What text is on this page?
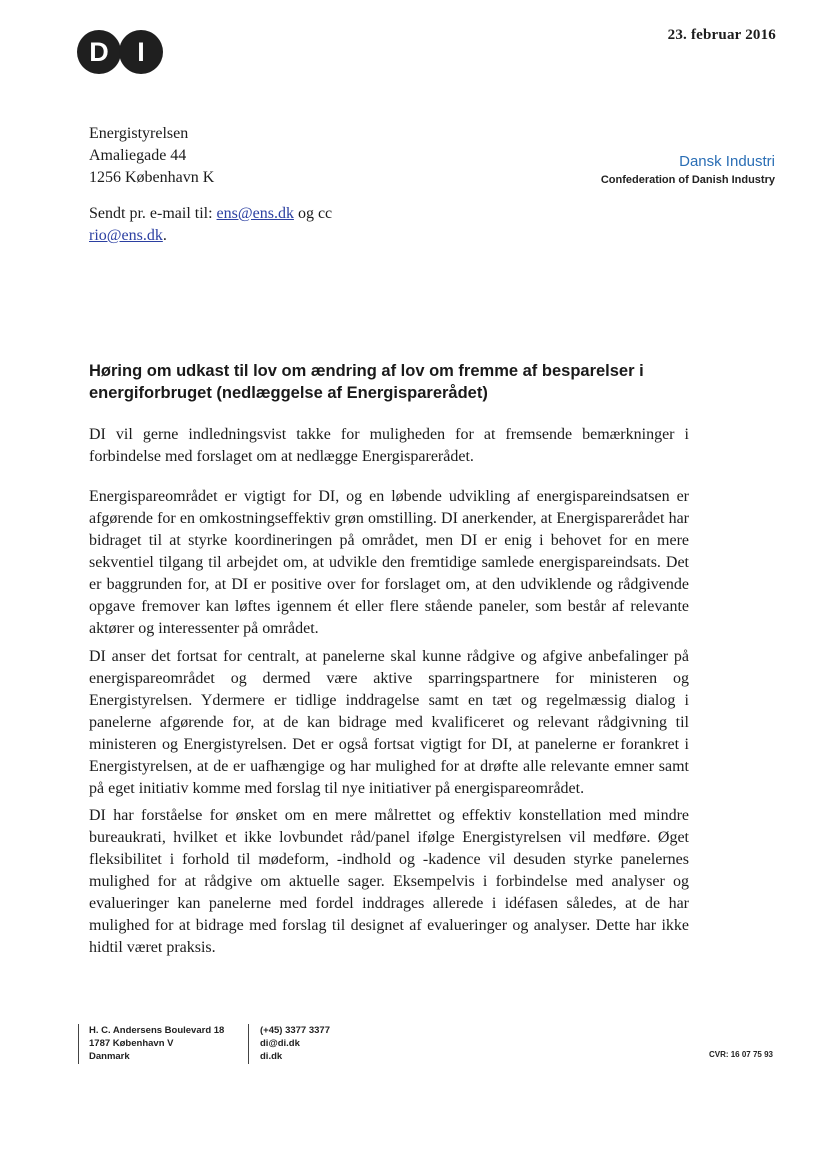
D	I
23. februar 2016
Energistyrelsen
Amaliegade 44
1256 København K
Dansk Industri
Confederation of Danish Industry
Sendt pr. e-mail til: ens@ens.dk og cc
rio@ens.dk.
Høring om udkast til lov om ændring af lov om fremme af besparelser i energiforbruget (nedlæggelse af Energisparerådet)
DI vil gerne indledningsvist takke for muligheden for at fremsende bemærkninger i forbindelse med forslaget om at nedlægge Energisparerådet.
Energispareområdet er vigtigt for DI, og en løbende udvikling af energispareindsatsen er afgørende for en omkostningseffektiv grøn omstilling. DI anerkender, at Energisparerådet har bidraget til at styrke koordineringen på området, men DI er enig i behovet for en mere sekventiel tilgang til arbejdet om, at udvikle den fremtidige samlede energispareindsats. Det er baggrunden for, at DI er positive over for forslaget om, at den udviklende og rådgivende opgave fremover kan løftes igennem ét eller flere stående paneler, som består af relevante aktører og interessenter på området.
DI anser det fortsat for centralt, at panelerne skal kunne rådgive og afgive anbefalinger på energispareområdet og dermed være aktive sparringspartnere for ministeren og Energistyrelsen. Ydermere er tidlige inddragelse samt en tæt og regelmæssig dialog i panelerne afgørende for, at de kan bidrage med kvalificeret og relevant rådgivning til ministeren og Energistyrelsen. Det er også fortsat vigtigt for DI, at panelerne er forankret i Energistyrelsen, at de er uafhængige og har mulighed for at drøfte alle relevante emner samt på eget initiativ komme med forslag til nye initiativer på energispareområdet.
DI har forståelse for ønsket om en mere målrettet og effektiv konstellation med mindre bureaukrati, hvilket et ikke lovbundet råd/panel ifølge Energistyrelsen vil medføre. Øget fleksibilitet i forhold til mødeform, -indhold og -kadence vil desuden styrke panelernes mulighed for at rådgive om aktuelle sager. Eksempelvis i forbindelse med analyser og evalueringer kan panelerne med fordel inddrages allerede i idéfasen således, at de har mulighed for at bidrage med forslag til designet af evalueringer og analyser. Dette har ikke hidtil været praksis.
H. C. Andersens Boulevard 18
1787 København V
Danmark
(+45) 3377 3377
di@di.dk
di.dk	CVR: 16 07 75 93
